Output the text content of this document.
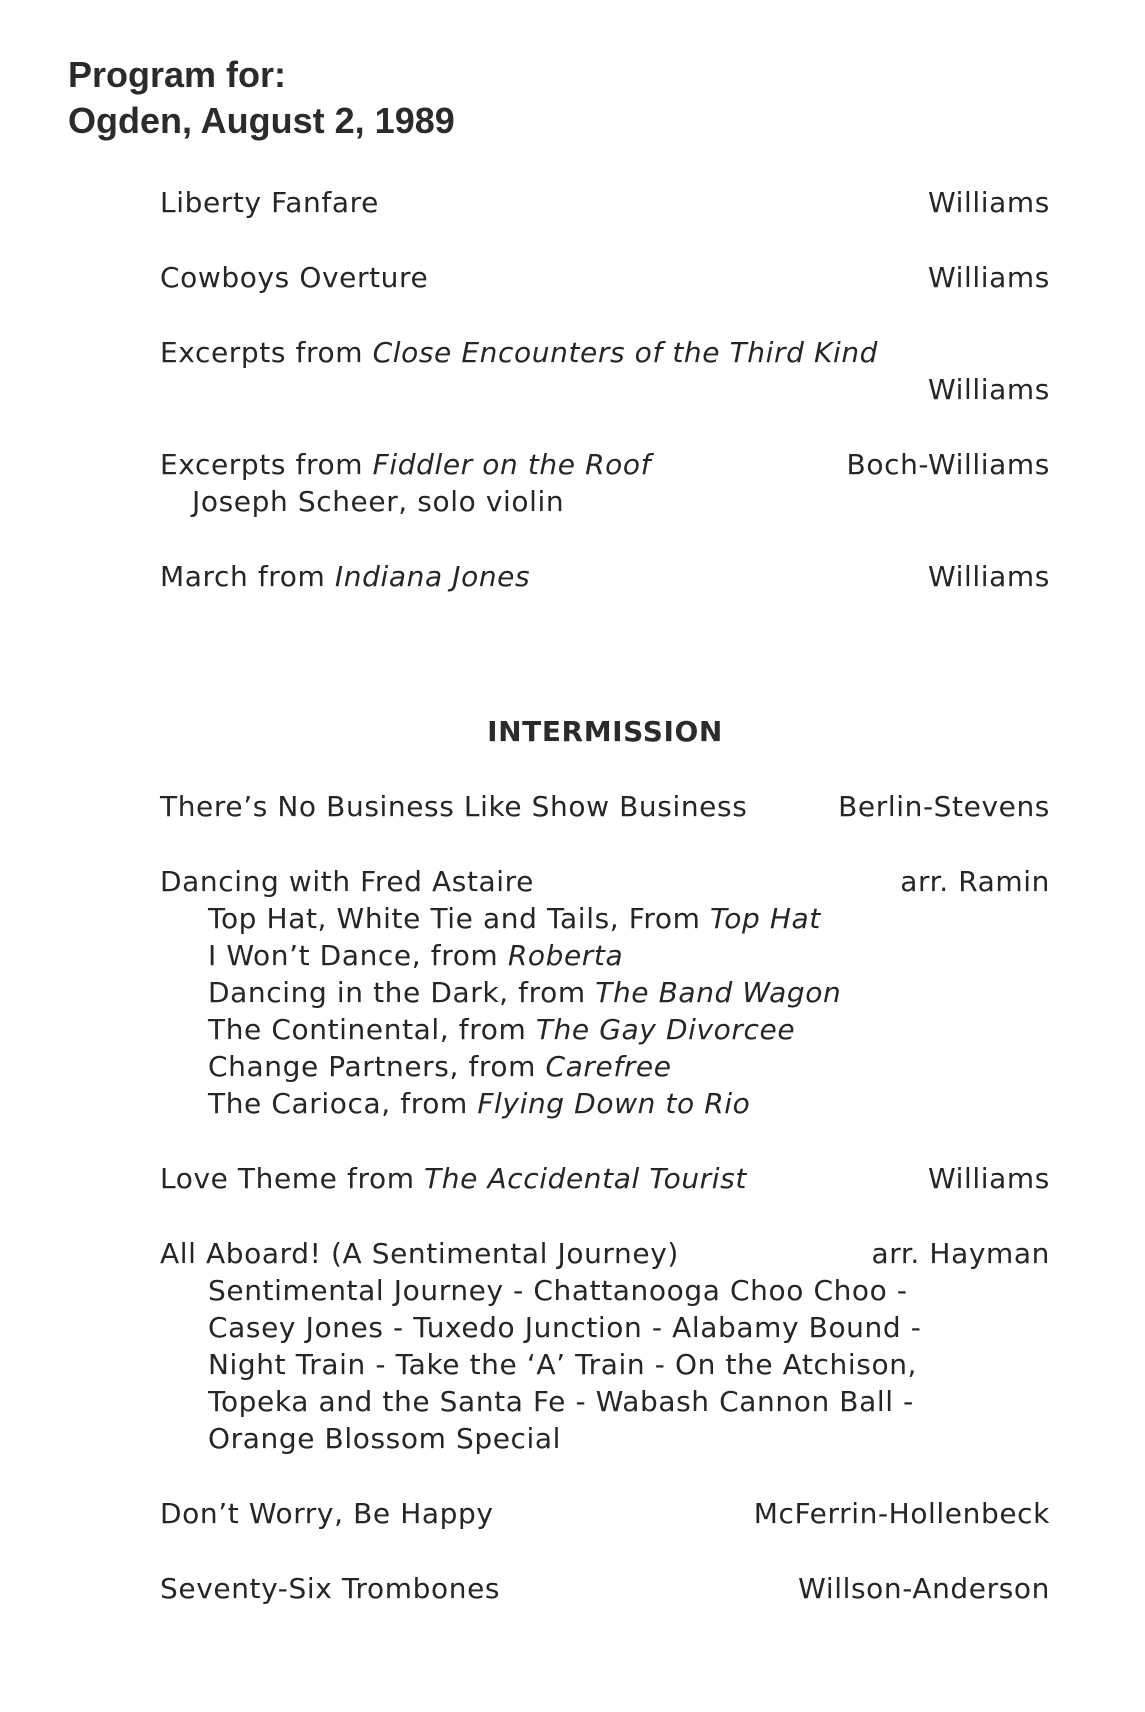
Program for:
Ogden, August 2, 1989
Liberty Fanfare	Williams
Cowboys Overture	Williams
Excerpts from Close Encounters of the Third Kind
Williams
Excerpts from Fiddler on the Roof	Boch-Williams
Joseph Scheer, solo violin
March from Indiana Jones	Williams
INTERMISSION
There’s No Business Like Show Business	Berlin-Stevens
Dancing with Fred Astaire	arr. Ramin
Top Hat, White Tie and Tails, From Top Hat
I Won’t Dance, from Roberta
Dancing in the Dark, from The Band Wagon
The Continental, from The Gay Divorcee
Change Partners, from Carefree
The Carioca, from Flying Down to Rio
Love Theme from The Accidental Tourist	Williams
All Aboard! (A Sentimental Journey)	arr. Hayman
Sentimental Journey - Chattanooga Choo Choo -
Casey Jones - Tuxedo Junction - Alabamy Bound -
Night Train - Take the ‘A’ Train - On the Atchison,
Topeka and the Santa Fe - Wabash Cannon Ball -
Orange Blossom Special
Don’t Worry, Be Happy	McFerrin-Hollenbeck
Seventy-Six Trombones	Willson-Anderson
